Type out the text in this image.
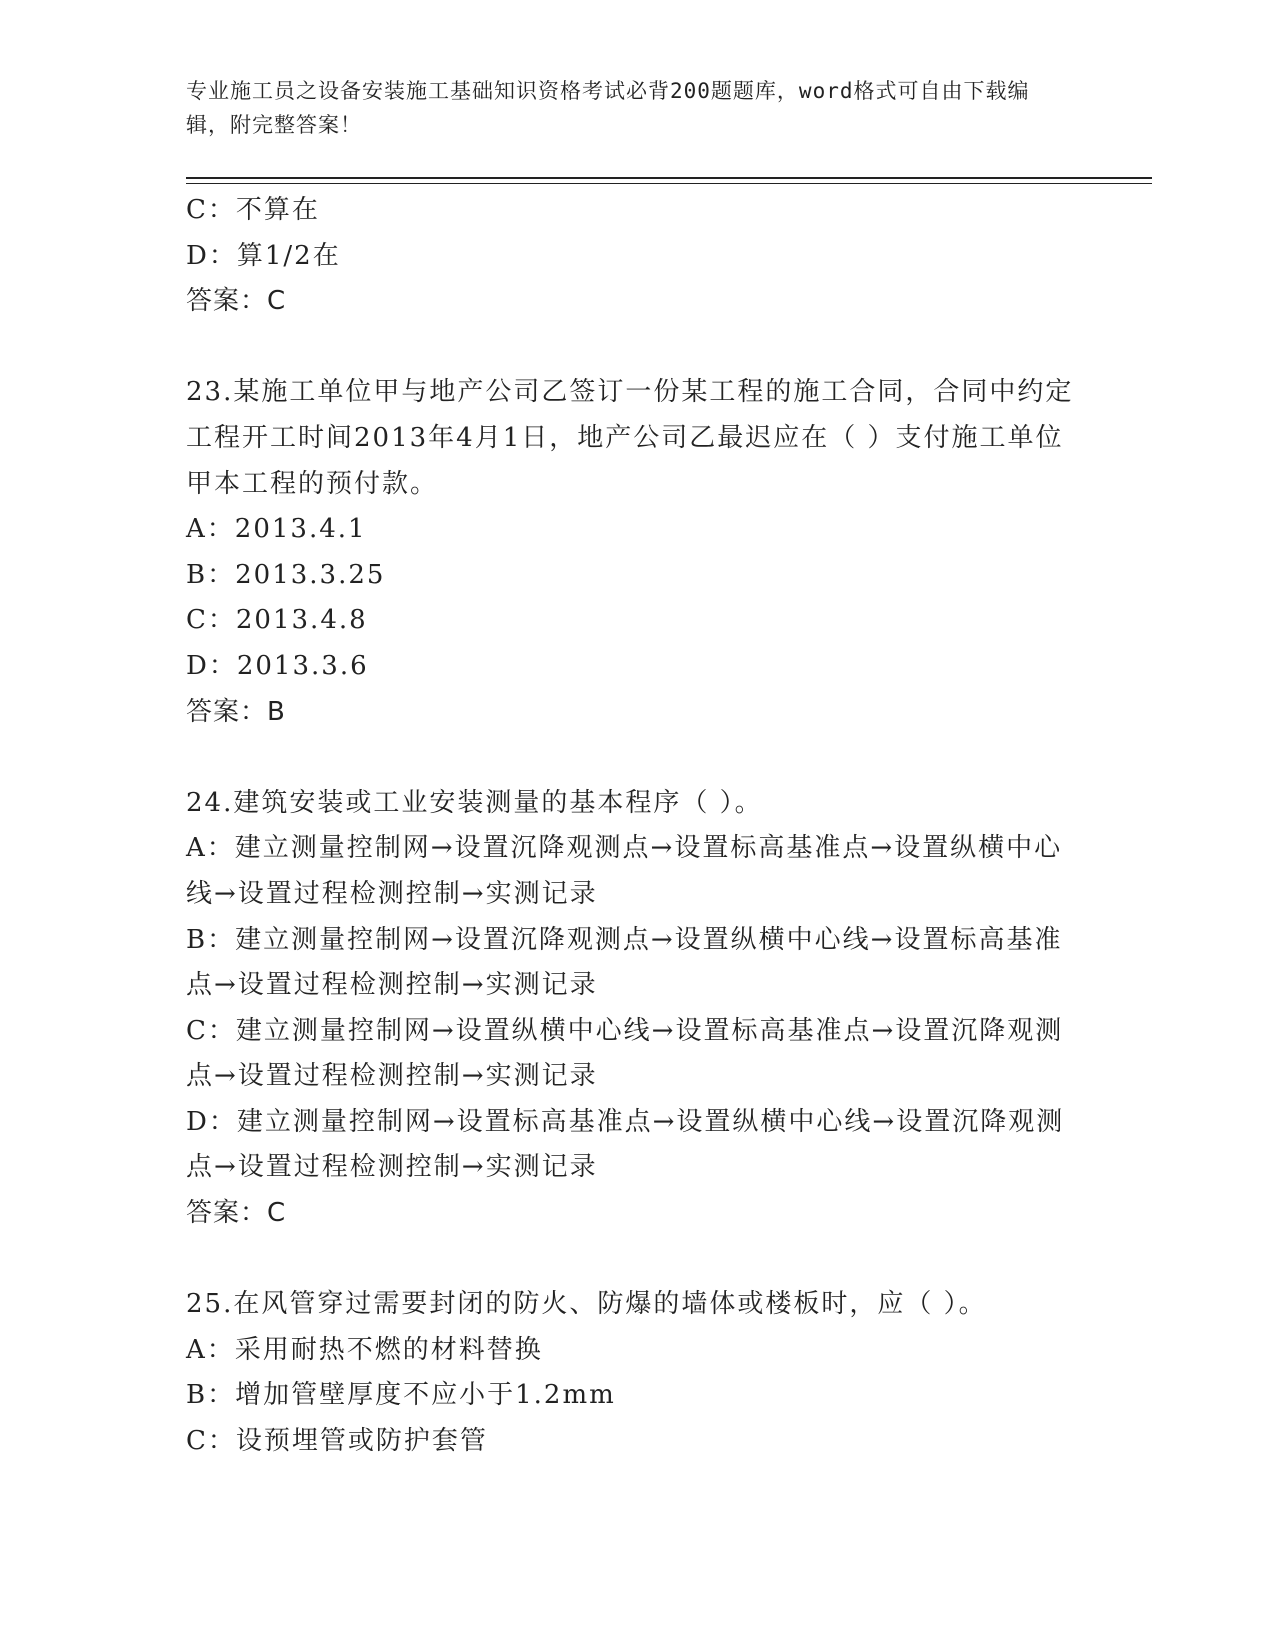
专业施工员之设备安装施工基础知识资格考试必背200题题库，word格式可自由下载编辑，附完整答案！
C：不算在
D：算1/2在
答案：C
23.某施工单位甲与地产公司乙签订一份某工程的施工合同，合同中约定工程开工时间2013年4月1日，地产公司乙最迟应在（ ）支付施工单位甲本工程的预付款。
A：2013.4.1
B：2013.3.25
C：2013.4.8
D：2013.3.6
答案：B
24.建筑安装或工业安装测量的基本程序（ ）。
A：建立测量控制网→设置沉降观测点→设置标高基准点→设置纵横中心线→设置过程检测控制→实测记录
B：建立测量控制网→设置沉降观测点→设置纵横中心线→设置标高基准点→设置过程检测控制→实测记录
C：建立测量控制网→设置纵横中心线→设置标高基准点→设置沉降观测点→设置过程检测控制→实测记录
D：建立测量控制网→设置标高基准点→设置纵横中心线→设置沉降观测点→设置过程检测控制→实测记录
答案：C
25.在风管穿过需要封闭的防火、防爆的墙体或楼板时，应（ ）。
A：采用耐热不燃的材料替换
B：增加管壁厚度不应小于1.2mm
C：设预埋管或防护套管
